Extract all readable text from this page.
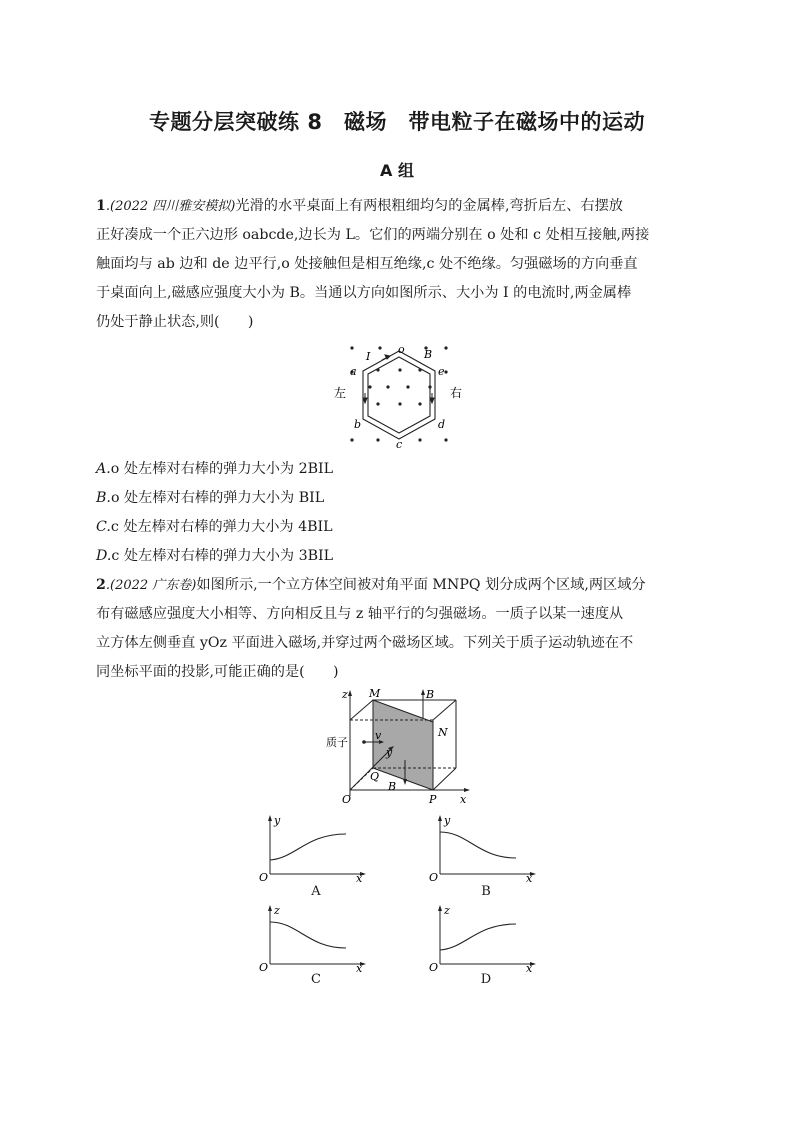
专题分层突破练 8　磁场　带电粒子在磁场中的运动
A 组
1.(2022 四川雅安模拟)光滑的水平桌面上有两根粗细均匀的金属棒,弯折后左、右摆放
正好凑成一个正六边形 oabcde,边长为 L。它们的两端分别在 o 处和 c 处相互接触,两接
触面均与 ab 边和 de 边平行,o 处接触但是相互绝缘,c 处不绝缘。匀强磁场的方向垂直
于桌面向上,磁感应强度大小为 B。当通以方向如图所示、大小为 I 的电流时,两金属棒
仍处于静止状态,则(　　)
o
I	B
a	e
左	右
b	d
c
A.o 处左棒对右棒的弹力大小为 2BIL
B.o 处左棒对右棒的弹力大小为 BIL
C.c 处左棒对右棒的弹力大小为 4BIL
D.c 处左棒对右棒的弹力大小为 3BIL
2.(2022 广东卷)如图所示,一个立方体空间被对角平面 MNPQ 划分成两个区域,两区域分
布有磁感应强度大小相等、方向相反且与 z 轴平行的匀强磁场。一质子以某一速度从
立方体左侧垂直 yOz 平面进入磁场,并穿过两个磁场区域。下列关于质子运动轨迹在不
同坐标平面的投影,可能正确的是(　　)
z M	B
质子
v
y
N
Q
B
O	P x
y
x
O
A
y
x
O
B
z
x
O
C
z
x
O
D
